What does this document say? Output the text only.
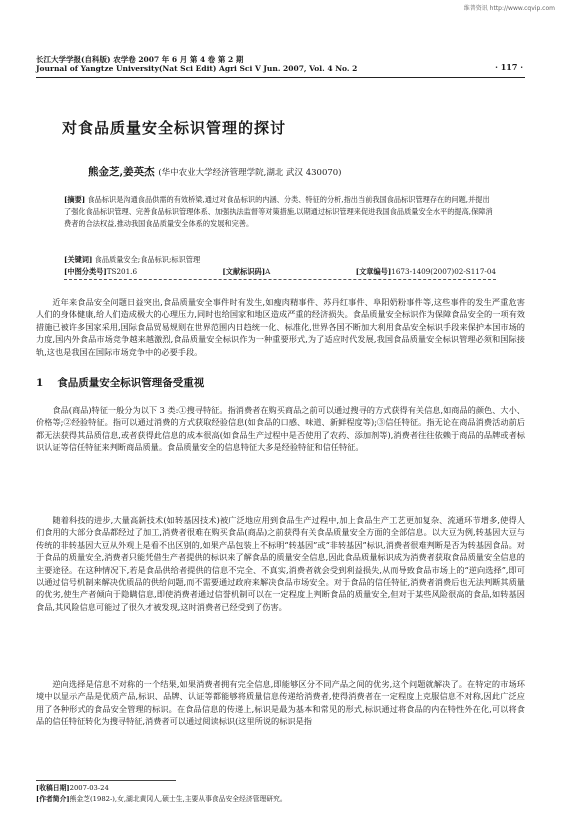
维普资讯 http://www.cqvip.com
长江大学学报(自科版) 农学卷 2007 年 6 月 第 4 卷 第 2 期
Journal of Yangtze University(Nat Sci Edit) Agri Sci V Jun. 2007, Vol. 4 No. 2	· 117 ·
对食品质量安全标识管理的探讨
熊金芝,姜英杰 (华中农业大学经济管理学院,湖北 武汉 430070)
[摘要] 食品标识是沟通食品供需的有效桥梁,通过对食品标识的内涵、分类、特征的分析,指出当前我国食品标识管理存在的问题,并提出了强化食品标识管理、完善食品标识管理体系、加强执法监督等对策措施,以期通过标识管理来促进我国食品质量安全水平的提高,保障消费者的合法权益,推动我国食品质量安全体系的发展和完善。
[关键词] 食品质量安全;食品标识;标识管理
[中图分类号]TS201.6	[文献标识码]A	[文章编号]1673-1409(2007)02-S117-04
近年来食品安全问题日益突出,食品质量安全事件时有发生,如瘦肉精事件、苏丹红事件、阜阳奶粉事件等,这些事件的发生严重危害人们的身体健康,给人们造成极大的心理压力,同时也给国家和地区造成严重的经济损失。食品质量安全标识作为保障食品安全的一项有效措施已被许多国家采用,国际食品贸易规则在世界范围内日趋统一化、标准化,世界各国不断加大利用食品安全标识手段来保护本国市场的力度,国内外食品市场竞争越来越激烈,食品质量安全标识作为一种重要形式,为了适应时代发展,我国食品质量安全标识管理必须和国际接轨,这也是我国在国际市场竞争中的必要手段。
1 食品质量安全标识管理备受重视
食品(商品)特征一般分为以下 3 类:①搜寻特征。指消费者在购买商品之前可以通过搜寻的方式获得有关信息,如商品的颜色、大小、价格等;②经验特征。指可以通过消费的方式获取经验信息(如食品的口感、味道、新鲜程度等);③信任特征。指无论在商品消费活动前后都无法获得其品质信息,或者获得此信息的成本很高(如食品生产过程中是否使用了农药、添加剂等),消费者往往依赖于商品的品牌或者标识认证等信任特征来判断商品质量。食品质量安全的信息特征大多是经验特征和信任特征。
随着科技的进步,大量高新技术(如转基因技术)被广泛地应用到食品生产过程中,加上食品生产工艺更加复杂、流通环节增多,使得人们食用的大部分食品都经过了加工,消费者很难在购买食品(商品)之前获得有关食品质量安全方面的全部信息。以大豆为例,转基因大豆与传统的非转基因大豆从外观上是看不出区别的,如果产品包装上不标明“转基因”或“非转基因”标识,消费者很难判断是否为转基因食品。对于食品的质量安全,消费者只能凭借生产者提供的标识来了解食品的质量安全信息,因此食品质量标识成为消费者获取食品质量安全信息的主要途径。在这种情况下,若是食品供给者提供的信息不完全、不真实,消费者就会受到利益损失,从而导致食品市场上的“逆向选择”,即可以通过信号机制来解决优质品的供给问题,而不需要通过政府来解决食品市场安全。对于食品的信任特征,消费者消费后也无法判断其质量的优劣,使生产者倾向于隐瞒信息,即使消费者通过信誉机制可以在一定程度上判断食品的质量安全,但对于某些风险很高的食品,如转基因食品,其风险信息可能过了很久才被发现,这时消费者已经受到了伤害。
逆向选择是信息不对称的一个结果,如果消费者拥有完全信息,即能够区分不同产品之间的优劣,这个问题就解决了。在特定的市场环境中以显示产品是优质产品,标识、品牌、认证等都能够将质量信息传递给消费者,使得消费者在一定程度上克服信息不对称,因此广泛应用了各种形式的食品安全管理的标识。在食品信息的传递上,标识是最为基本和常见的形式,标识通过将食品的内在特性外在化,可以将食品的信任特征转化为搜寻特征,消费者可以通过阅读标识(这里所说的标识是指
[收稿日期]2007-03-24
[作者简介]熊金芝(1982-),女,湖北黄冈人,硕士生,主要从事食品安全经济管理研究。
